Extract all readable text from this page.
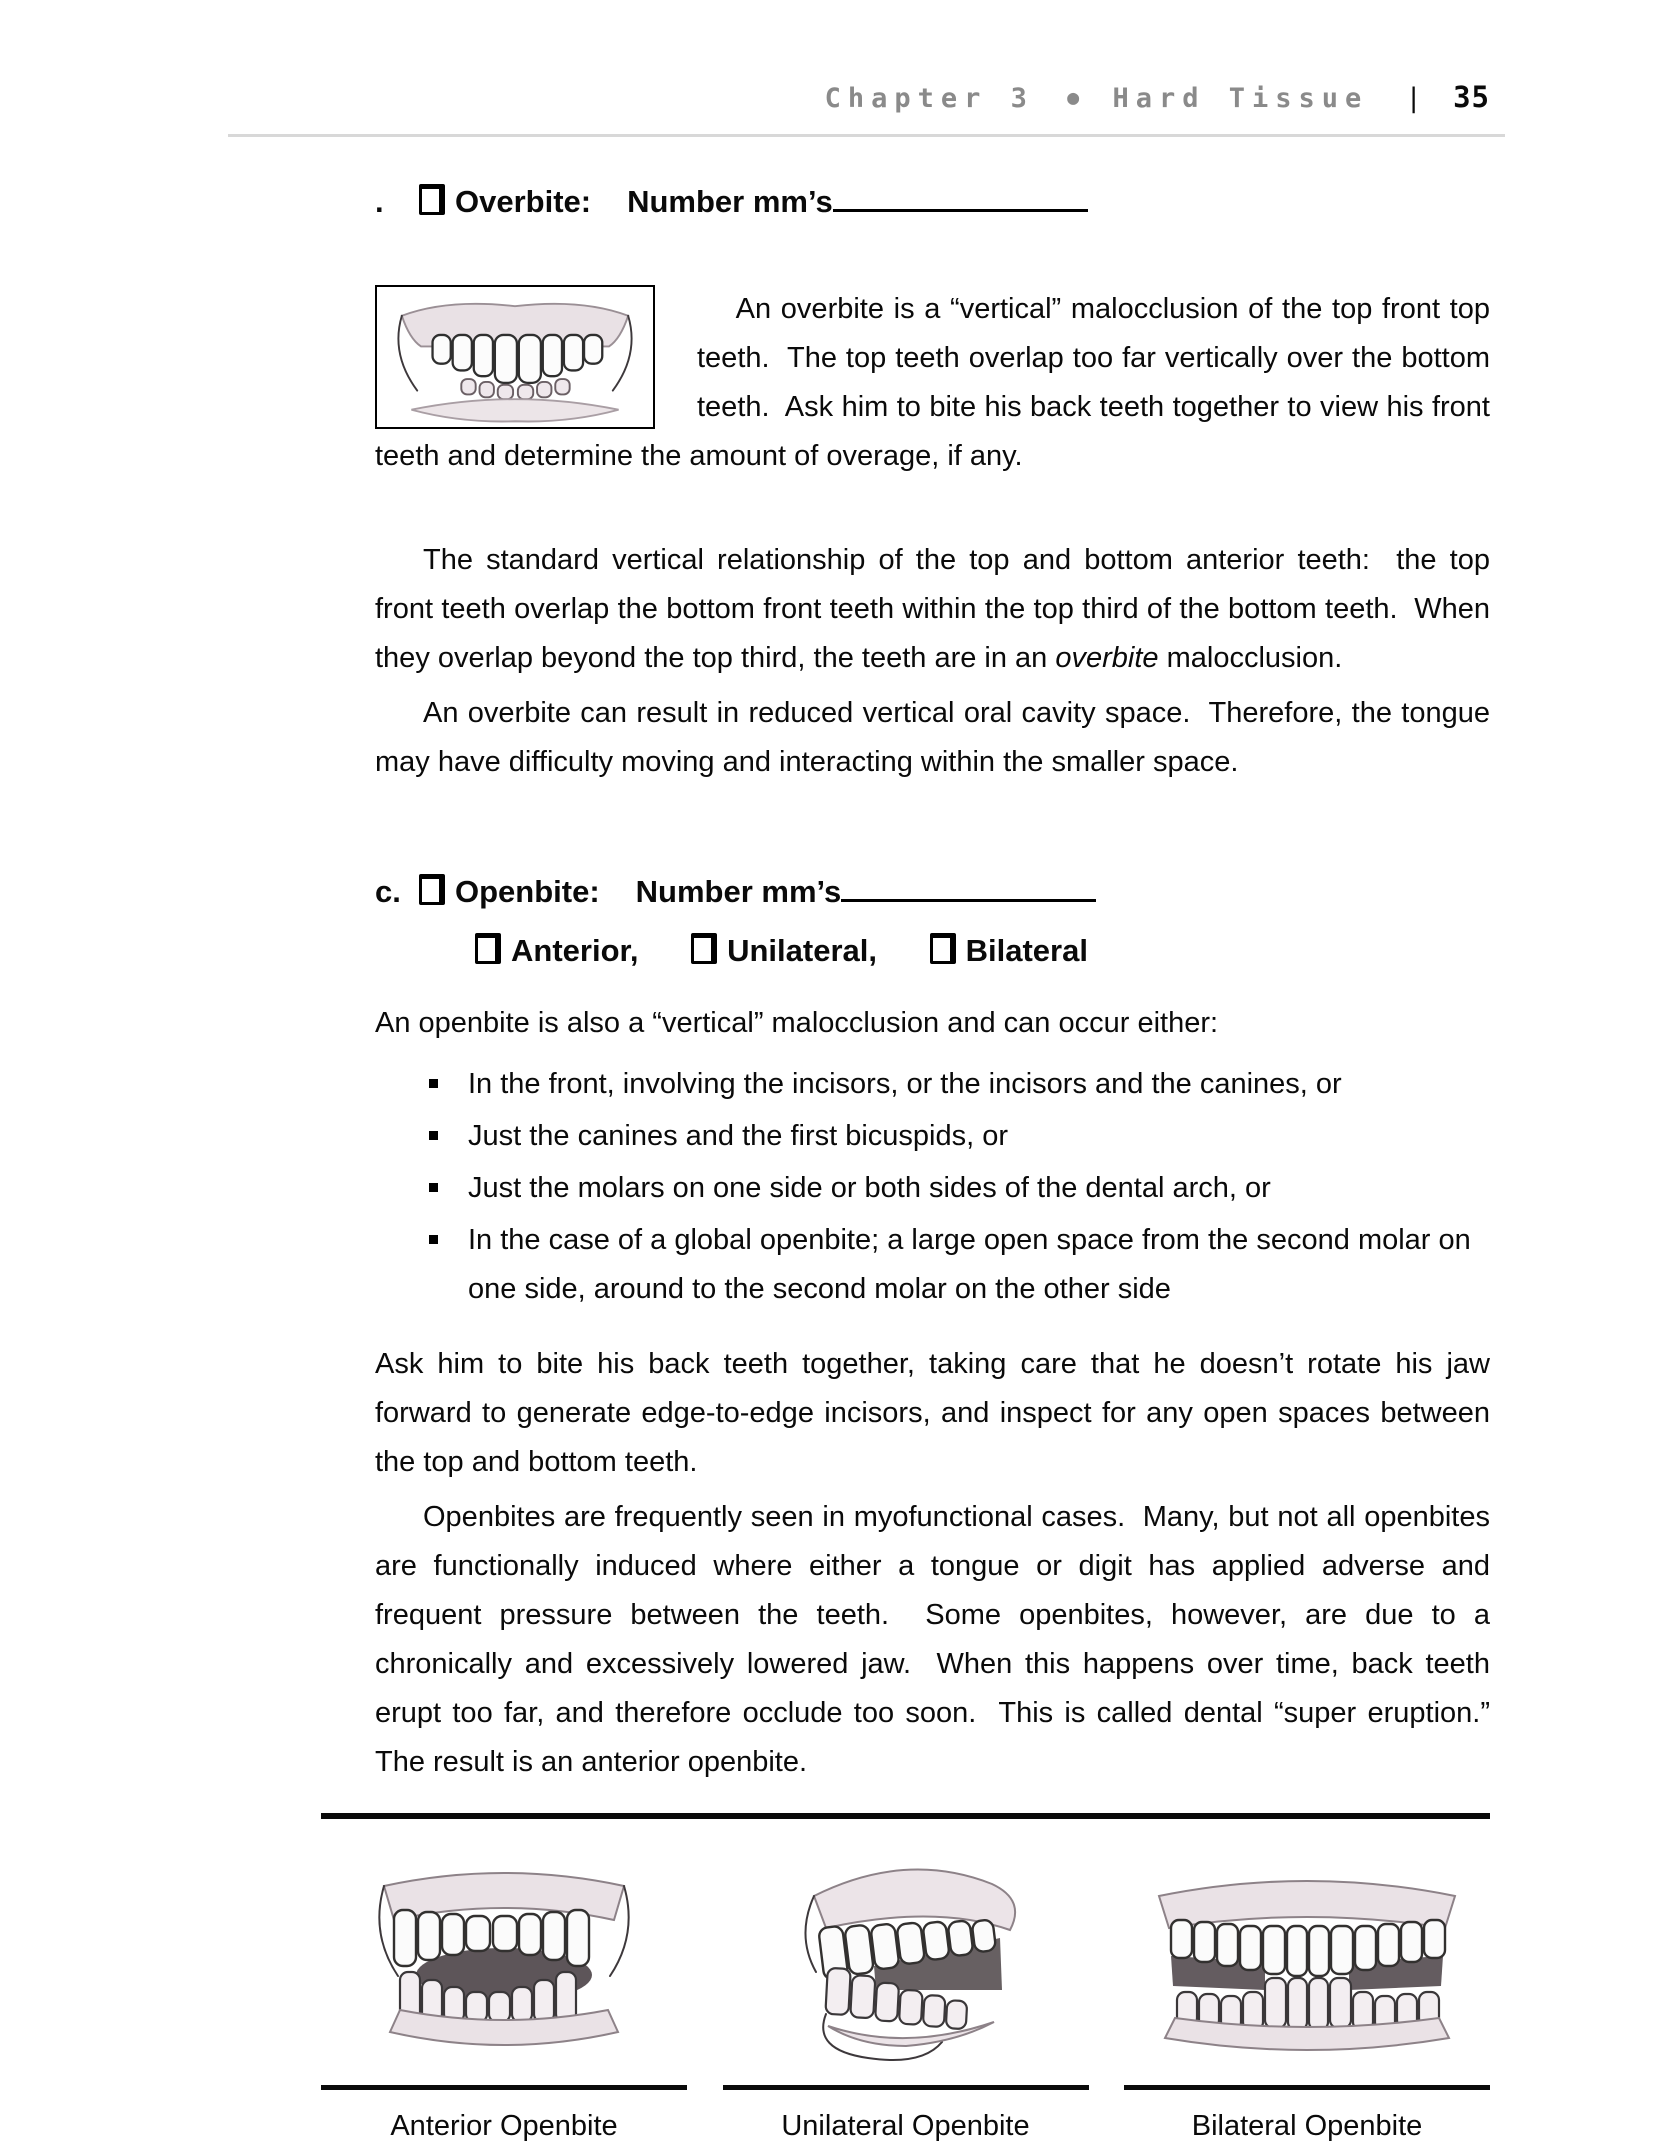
Chapter 3 ● Hard Tissue | 35
. Overbite: Number mm’s

An overbite is a “vertical” malocclusion of the top front top teeth.  The top teeth overlap too far vertically over the bottom teeth.  Ask him to bite his back teeth together to view his front teeth and determine the amount of overage, if any.

The standard vertical relationship of the top and bottom anterior teeth:  the top front teeth overlap the bottom front teeth within the top third of the bottom teeth.  When they overlap beyond the top third, the teeth are in an overbite malocclusion.
An overbite can result in reduced vertical oral cavity space.  Therefore, the tongue may have difficulty moving and interacting within the smaller space.
c. Openbite: Number mm’s
Anterior,	Unilateral,	Bilateral
An openbite is also a “vertical” malocclusion and can occur either:
In the front, involving the incisors, or the incisors and the canines, or
Just the canines and the first bicuspids, or
Just the molars on one side or both sides of the dental arch, or
In the case of a global openbite; a large open space from the second molar on one side, around to the second molar on the other side
Ask him to bite his back teeth together, taking care that he doesn’t rotate his jaw forward to generate edge-to-edge incisors, and inspect for any open spaces between the top and bottom teeth.
Openbites are frequently seen in myofunctional cases.  Many, but not all openbites are functionally induced where either a tongue or digit has applied adverse and frequent pressure between the teeth.  Some openbites, however, are due to a chronically and excessively lowered jaw.  When this happens over time, back teeth erupt too far, and therefore occlude too soon.  This is called dental “super eruption.”  The result is an anterior openbite.
Anterior Openbite	Unilateral Openbite	Bilateral Openbite
